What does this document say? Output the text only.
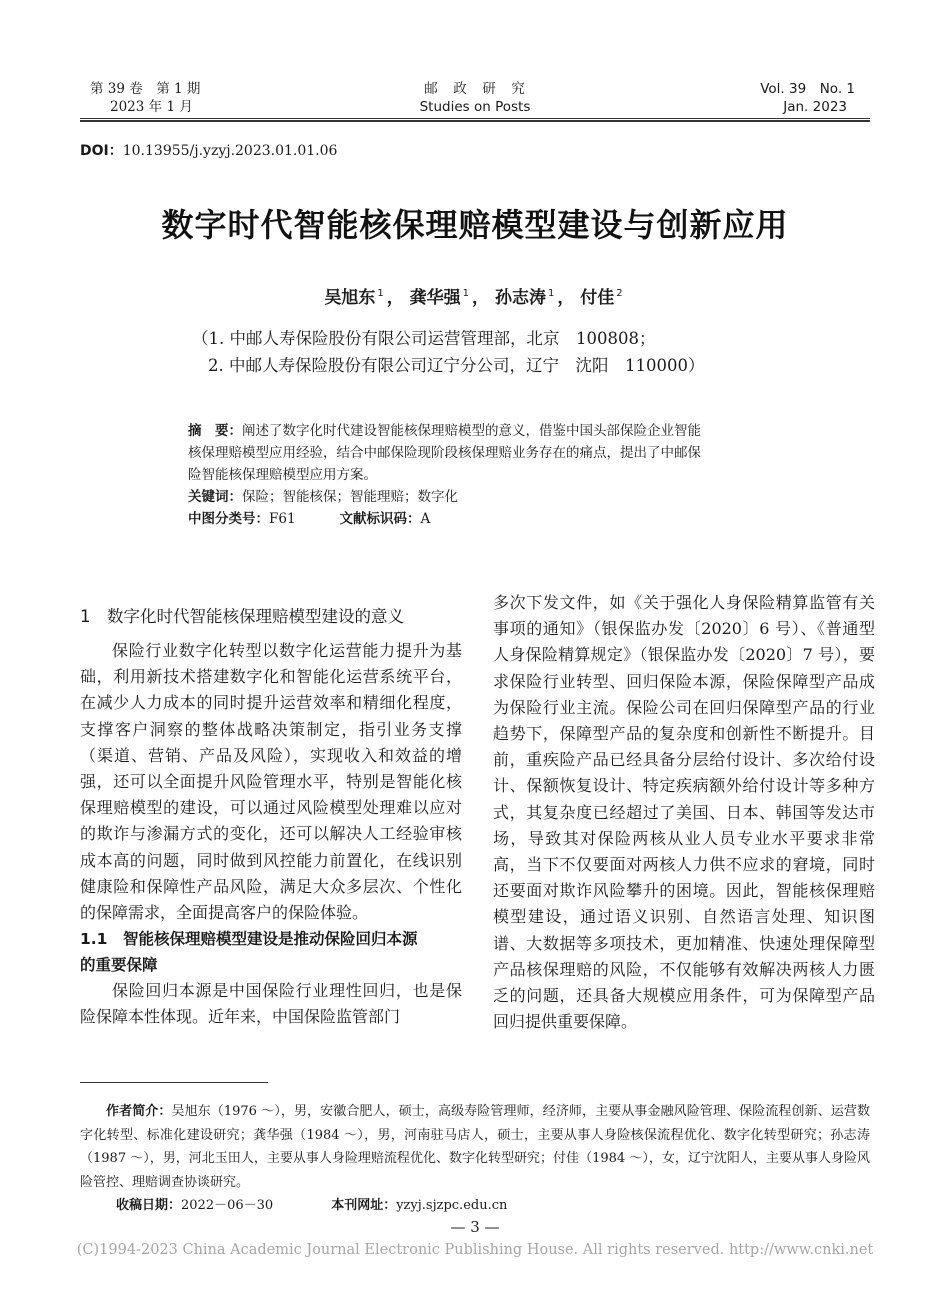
第 39 卷　第 1 期
2023 年 1 月
邮　政　研　究
Studies on Posts
Vol. 39　No. 1
Jan. 2023
DOI：10.13955/j.yzyj.2023.01.01.06
数字时代智能核保理赔模型建设与创新应用
吴旭东 $^1$ ， 龚华强 $^1$ ， 孙志涛 $^1$ ， 付佳 $^2$
（1. 中邮人寿保险股份有限公司运营管理部，北京　100808；
2. 中邮人寿保险股份有限公司辽宁分公司，辽宁　沈阳　110000）
摘　要：阐述了数字化时代建设智能核保理赔模型的意义，借鉴中国头部保险企业智能
核保理赔模型应用经验，结合中邮保险现阶段核保理赔业务存在的痛点，提出了中邮保
险智能核保理赔模型应用方案。
关键词：保险；智能核保；智能理赔；数字化
中图分类号：F61	文献标识码：A

1　数字化时代智能核保理赔模型建设的意义

保险行业数字化转型以数字化运营能力提升为基础，利用新技术搭建数字化和智能化运营系统平台，在减少人力成本的同时提升运营效率和精细化程度，支撑客户洞察的整体战略决策制定，指引业务支撑（渠道、营销、产品及风险），实现收入和效益的增强，还可以全面提升风险管理水平，特别是智能化核保理赔模型的建设，可以通过风险模型处理难以应对的欺诈与渗漏方式的变化，还可以解决人工经验审核成本高的问题，同时做到风控能力前置化，在线识别健康险和保障性产品风险，满足大众多层次、个性化的保障需求，全面提高客户的保险体验。

1.1　智能核保理赔模型建设是推动保险回归本源
的重要保障

保险回归本源是中国保险行业理性回归，也是保险保障本性体现。近年来，中国保险监管部门

多次下发文件，如《关于强化人身保险精算监管有关事项的通知》（银保监办发〔2020〕6 号）、《普通型人身保险精算规定》（银保监办发〔2020〕7 号），要求保险行业转型、回归保险本源，保险保障型产品成为保险行业主流。保险公司在回归保障型产品的行业趋势下，保障型产品的复杂度和创新性不断提升。目前，重疾险产品已经具备分层给付设计、多次给付设计、保额恢复设计、特定疾病额外给付设计等多种方式，其复杂度已经超过了美国、日本、韩国等发达市场，导致其对保险两核从业人员专业水平要求非常高，当下不仅要面对两核人力供不应求的窘境，同时还要面对欺诈风险攀升的困境。因此，智能核保理赔模型建设，通过语义识别、自然语言处理、知识图谱、大数据等多项技术，更加精准、快速处理保障型产品核保理赔的风险，不仅能够有效解决两核人力匮乏的问题，还具备大规模应用条件，可为保障型产品回归提供重要保障。

作者简介：吴旭东（1976 ～），男，安徽合肥人，硕士，高级寿险管理师，经济师，主要从事金融风险管理、保险流程创新、运营数字化转型、标准化建设研究；龚华强（1984 ～），男，河南驻马店人，硕士，主要从事人身险核保流程优化、数字化转型研究；孙志涛（1987 ～），男，河北玉田人，主要从事人身险理赔流程优化、数字化转型研究；付佳（1984 ～），女，辽宁沈阳人，主要从事人身险风险管控、理赔调查协谈研究。

收稿日期：2022－06－30	本刊网址：yzyj.sjzpc.edu.cn

— 3 —
(C)1994-2023 China Academic Journal Electronic Publishing House. All rights reserved. http://www.cnki.net
